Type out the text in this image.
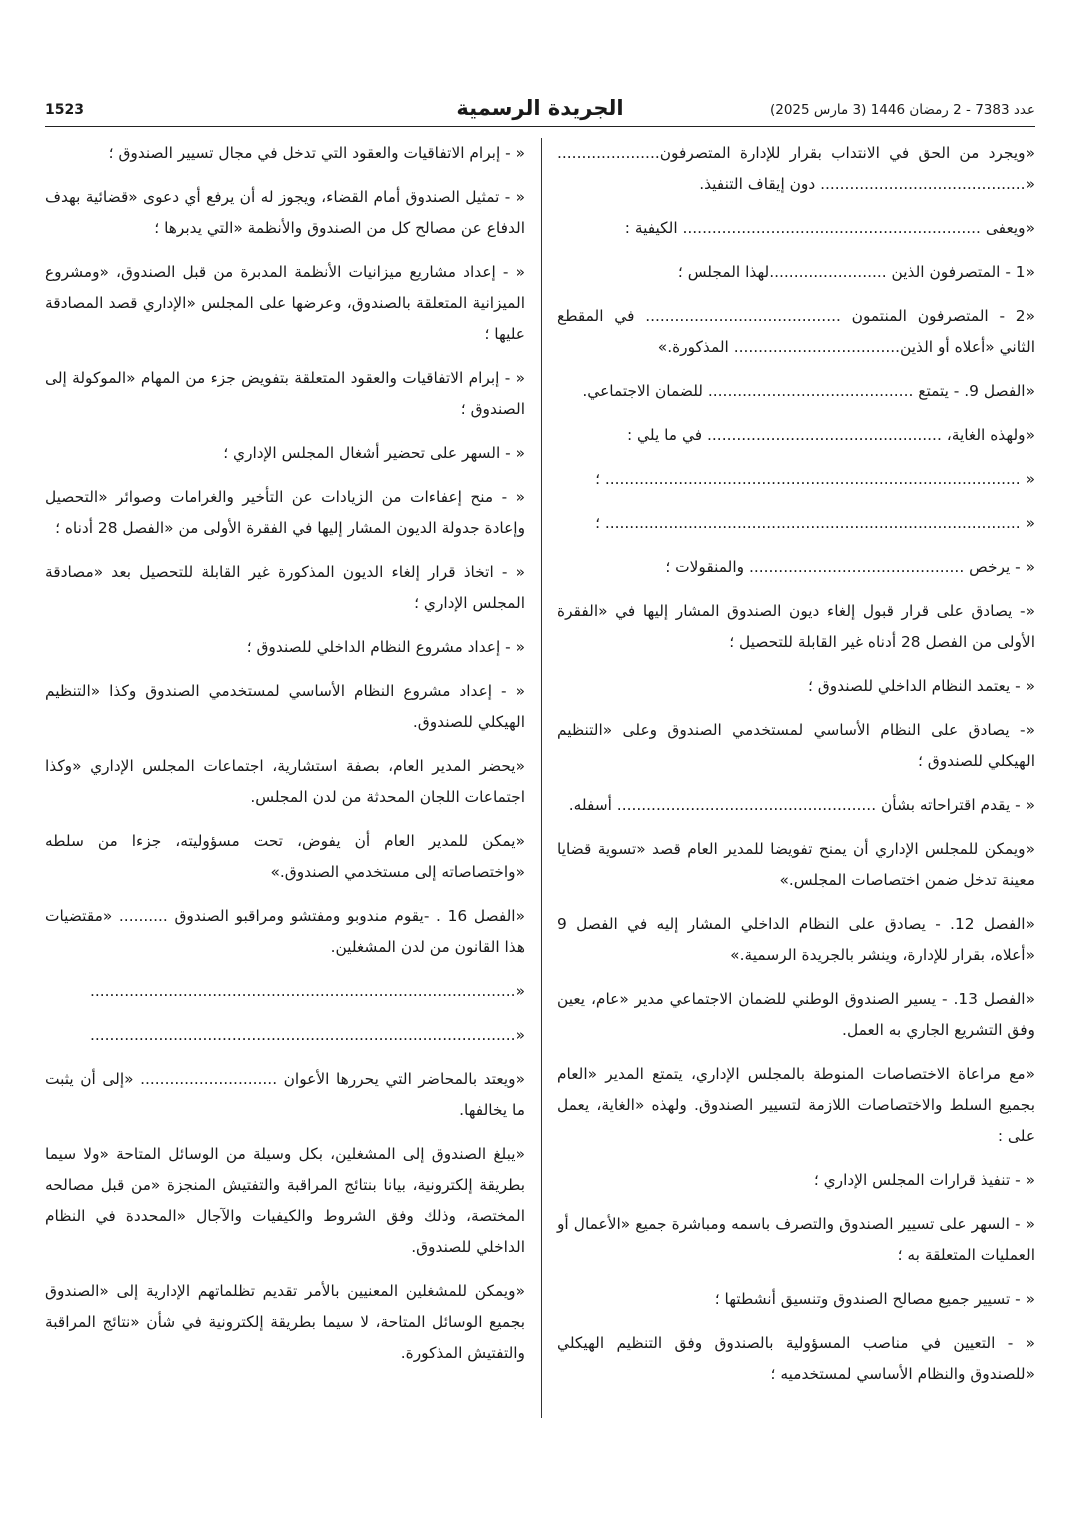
1523	الجريدة الرسمية	عدد 7383 - 2 رمضان 1446 (3 مارس 2025)

«ويجرد من الحق في الانتداب بقرار للإدارة المتصرفون..................... «.......................................... دون إيقاف التنفيذ.

«ويعفى ............................................................. الكيفية :

«1 - المتصرفون الذين ........................لهذا المجلس ؛

«2 - المتصرفون المنتمون ........................................ في المقطع الثاني «أعلاه أو الذين.................................. المذكورة.»

«الفصل 9. - يتمتع .......................................... للضمان الاجتماعي.

«ولهذه الغاية، ................................................ في ما يلي :

« ..................................................................................... ؛

« ..................................................................................... ؛

« - يرخص ............................................ والمنقولات ؛

«- يصادق على قرار قبول إلغاء ديون الصندوق المشار إليها في «الفقرة الأولى من الفصل 28 أدناه غير القابلة للتحصيل ؛

« - يعتمد النظام الداخلي للصندوق ؛

«- يصادق على النظام الأساسي لمستخدمي الصندوق وعلى «التنظيم الهيكلي للصندوق ؛

« - يقدم اقتراحاته بشأن ..................................................... أسفله.

«ويمكن للمجلس الإداري أن يمنح تفويضا للمدير العام قصد «تسوية قضايا معينة تدخل ضمن اختصاصات المجلس.»

«الفصل 12. - يصادق على النظام الداخلي المشار إليه في الفصل 9 «أعلاه، بقرار للإدارة، وينشر بالجريدة الرسمية.»

«الفصل 13. - يسير الصندوق الوطني للضمان الاجتماعي مدير «عام، يعين وفق التشريع الجاري به العمل.

«مع مراعاة الاختصاصات المنوطة بالمجلس الإداري، يتمتع المدير «العام بجميع السلط والاختصاصات اللازمة لتسيير الصندوق. ولهذه «الغاية، يعمل على :

« - تنفيذ قرارات المجلس الإداري ؛

« - السهر على تسيير الصندوق والتصرف باسمه ومباشرة جميع «الأعمال أو العمليات المتعلقة به ؛

« - تسيير جميع مصالح الصندوق وتنسيق أنشطتها ؛

« - التعيين في مناصب المسؤولية بالصندوق وفق التنظيم الهيكلي «للصندوق والنظام الأساسي لمستخدميه ؛

« - إبرام الاتفاقيات والعقود التي تدخل في مجال تسيير الصندوق ؛

« - تمثيل الصندوق أمام القضاء، ويجوز له أن يرفع أي دعوى «قضائية بهدف الدفاع عن مصالح كل من الصندوق والأنظمة «التي يدبرها ؛

« - إعداد مشاريع ميزانيات الأنظمة المدبرة من قبل الصندوق، «ومشروع الميزانية المتعلقة بالصندوق، وعرضها على المجلس «الإداري قصد المصادقة عليها ؛

« - إبرام الاتفاقيات والعقود المتعلقة بتفويض جزء من المهام «الموكولة إلى الصندوق ؛

« - السهر على تحضير أشغال المجلس الإداري ؛

« - منح إعفاءات من الزيادات عن التأخير والغرامات وصوائر «التحصيل وإعادة جدولة الديون المشار إليها في الفقرة الأولى من «الفصل 28 أدناه ؛

« - اتخاذ قرار إلغاء الديون المذكورة غير القابلة للتحصيل بعد «مصادقة المجلس الإداري ؛

« - إعداد مشروع النظام الداخلي للصندوق ؛

« - إعداد مشروع النظام الأساسي لمستخدمي الصندوق وكذا «التنظيم الهيكلي للصندوق.

«يحضر المدير العام، بصفة استشارية، اجتماعات المجلس الإداري «وكذا اجتماعات اللجان المحدثة من لدن المجلس.

«يمكن للمدير العام أن يفوض، تحت مسؤوليته، جزءا من سلطه «واختصاصاته إلى مستخدمي الصندوق.»

«الفصل 16 . -يقوم مندوبو ومفتشو ومراقبو الصندوق .......... «مقتضيات هذا القانون من لدن المشغلين.

«.......................................................................................

«.......................................................................................

«ويعتد بالمحاضر التي يحررها الأعوان ............................ «إلى أن يثبت ما يخالفها.

«يبلغ الصندوق إلى المشغلين، بكل وسيلة من الوسائل المتاحة «ولا سيما بطريقة إلكترونية، بيانا بنتائج المراقبة والتفتيش المنجزة «من قبل مصالحه المختصة، وذلك وفق الشروط والكيفيات والآجال «المحددة في النظام الداخلي للصندوق.

«ويمكن للمشغلين المعنيين بالأمر تقديم تظلماتهم الإدارية إلى «الصندوق بجميع الوسائل المتاحة، لا سيما بطريقة إلكترونية في شأن «نتائج المراقبة والتفتيش المذكورة.
